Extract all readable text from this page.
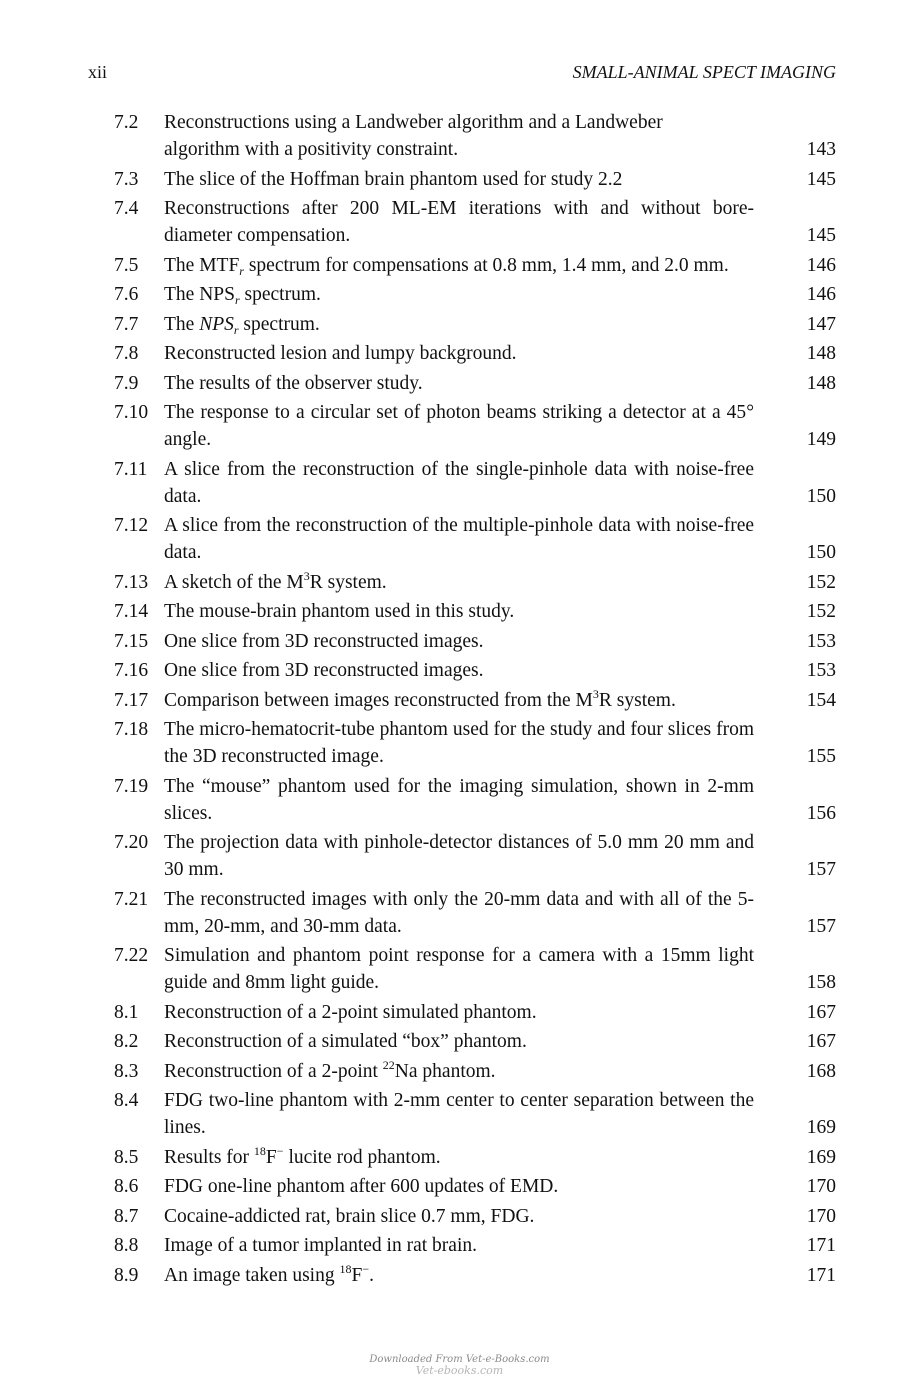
xii	SMALL-ANIMAL SPECT IMAGING
7.2	Reconstructions using a Landweber algorithm and a Landweber
algorithm with a positivity constraint.	143
7.3	The slice of the Hoffman brain phantom used for study 2.2	145
7.4	Reconstructions after 200 ML-EM iterations with and without bore-diameter compensation.	145
7.5	The $MTF_r$ spectrum for compensations at 0.8 mm, 1.4 mm, and 2.0 mm.	146
7.6	The $NPS_r$ spectrum.	146
7.7	The $NPS_r$ spectrum.	147
7.8	Reconstructed lesion and lumpy background.	148
7.9	The results of the observer study.	148
7.10 The response to a circular set of photon beams striking a detector at a 45° angle.	149
7.11 A slice from the reconstruction of the single-pinhole data with noise-free data.	150
7.12 A slice from the reconstruction of the multiple-pinhole data with noise-free data.	150
7.13 A sketch of the $M^3R$ system.	152
7.14 The mouse-brain phantom used in this study.	152
7.15 One slice from 3D reconstructed images.	153
7.16 One slice from 3D reconstructed images.	153
7.17 Comparison between images reconstructed from the $M^3R$ system.	154
7.18 The micro-hematocrit-tube phantom used for the study and four slices from the 3D reconstructed image.	155
7.19 The “mouse” phantom used for the imaging simulation, shown in 2-mm slices.	156
7.20 The projection data with pinhole-detector distances of 5.0 mm 20 mm and 30 mm.	157
7.21 The reconstructed images with only the 20-mm data and with all of the 5-mm, 20-mm, and 30-mm data.	157
7.22 Simulation and phantom point response for a camera with a 15mm light guide and 8mm light guide.	158
8.1	Reconstruction of a 2-point simulated phantom.	167
8.2	Reconstruction of a simulated “box” phantom.	167
8.3	Reconstruction of a 2-point $^{22}$Na phantom.	168
8.4	FDG two-line phantom with 2-mm center to center separation between the lines.	169
8.5	Results for $^{18}$F− lucite rod phantom.	169
8.6	FDG one-line phantom after 600 updates of EMD.	170
8.7	Cocaine-addicted rat, brain slice 0.7 mm, FDG.	170
8.8	Image of a tumor implanted in rat brain.	171
8.9	An image taken using $^{18}$F−.	171
Downloaded From Vet-e-Books.com
Vet-ebooks.com
